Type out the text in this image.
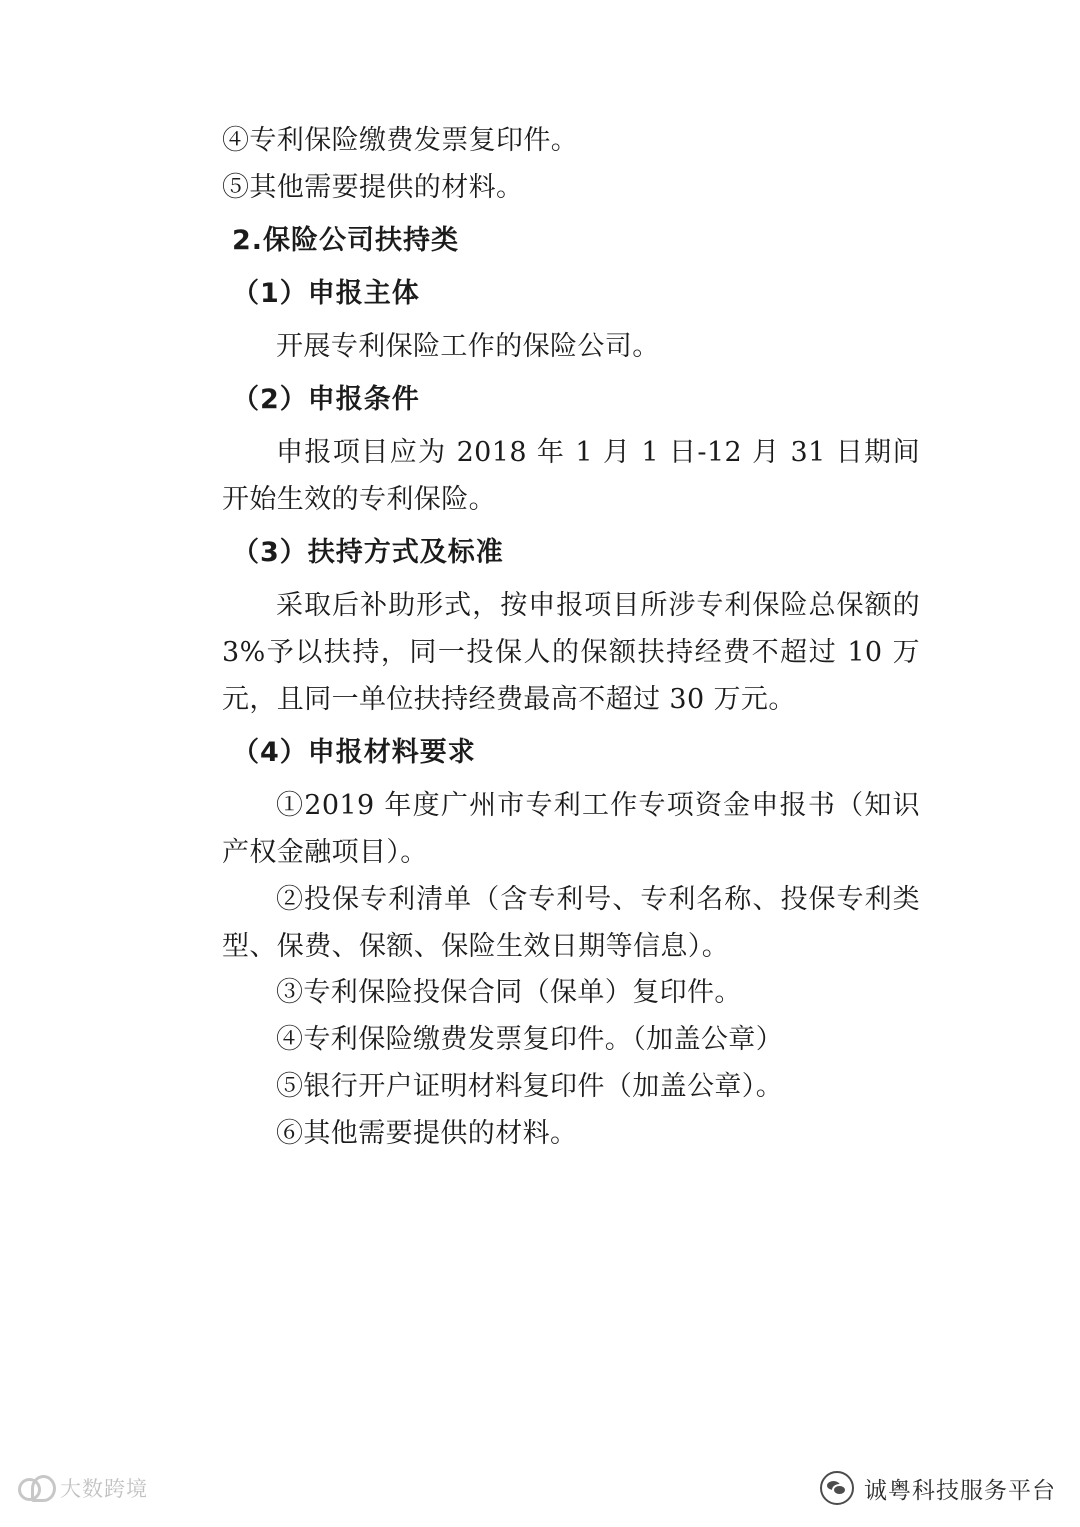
④专利保险缴费发票复印件。

⑤其他需要提供的材料。

2.保险公司扶持类

（1）申报主体

开展专利保险工作的保险公司。

（2）申报条件

申报项目应为 2018 年 1 月 1 日-12 月 31 日期间开始生效的专利保险。

（3）扶持方式及标准

采取后补助形式，按申报项目所涉专利保险总保额的 3%予以扶持，同一投保人的保额扶持经费不超过 10 万元，且同一单位扶持经费最高不超过 30 万元。

（4）申报材料要求

①2019 年度广州市专利工作专项资金申报书（知识产权金融项目）。

②投保专利清单（含专利号、专利名称、投保专利类型、保费、保额、保险生效日期等信息）。

③专利保险投保合同（保单）复印件。

④专利保险缴费发票复印件。（加盖公章）

⑤银行开户证明材料复印件（加盖公章）。

⑥其他需要提供的材料。

大数跨境	诚粤科技服务平台
